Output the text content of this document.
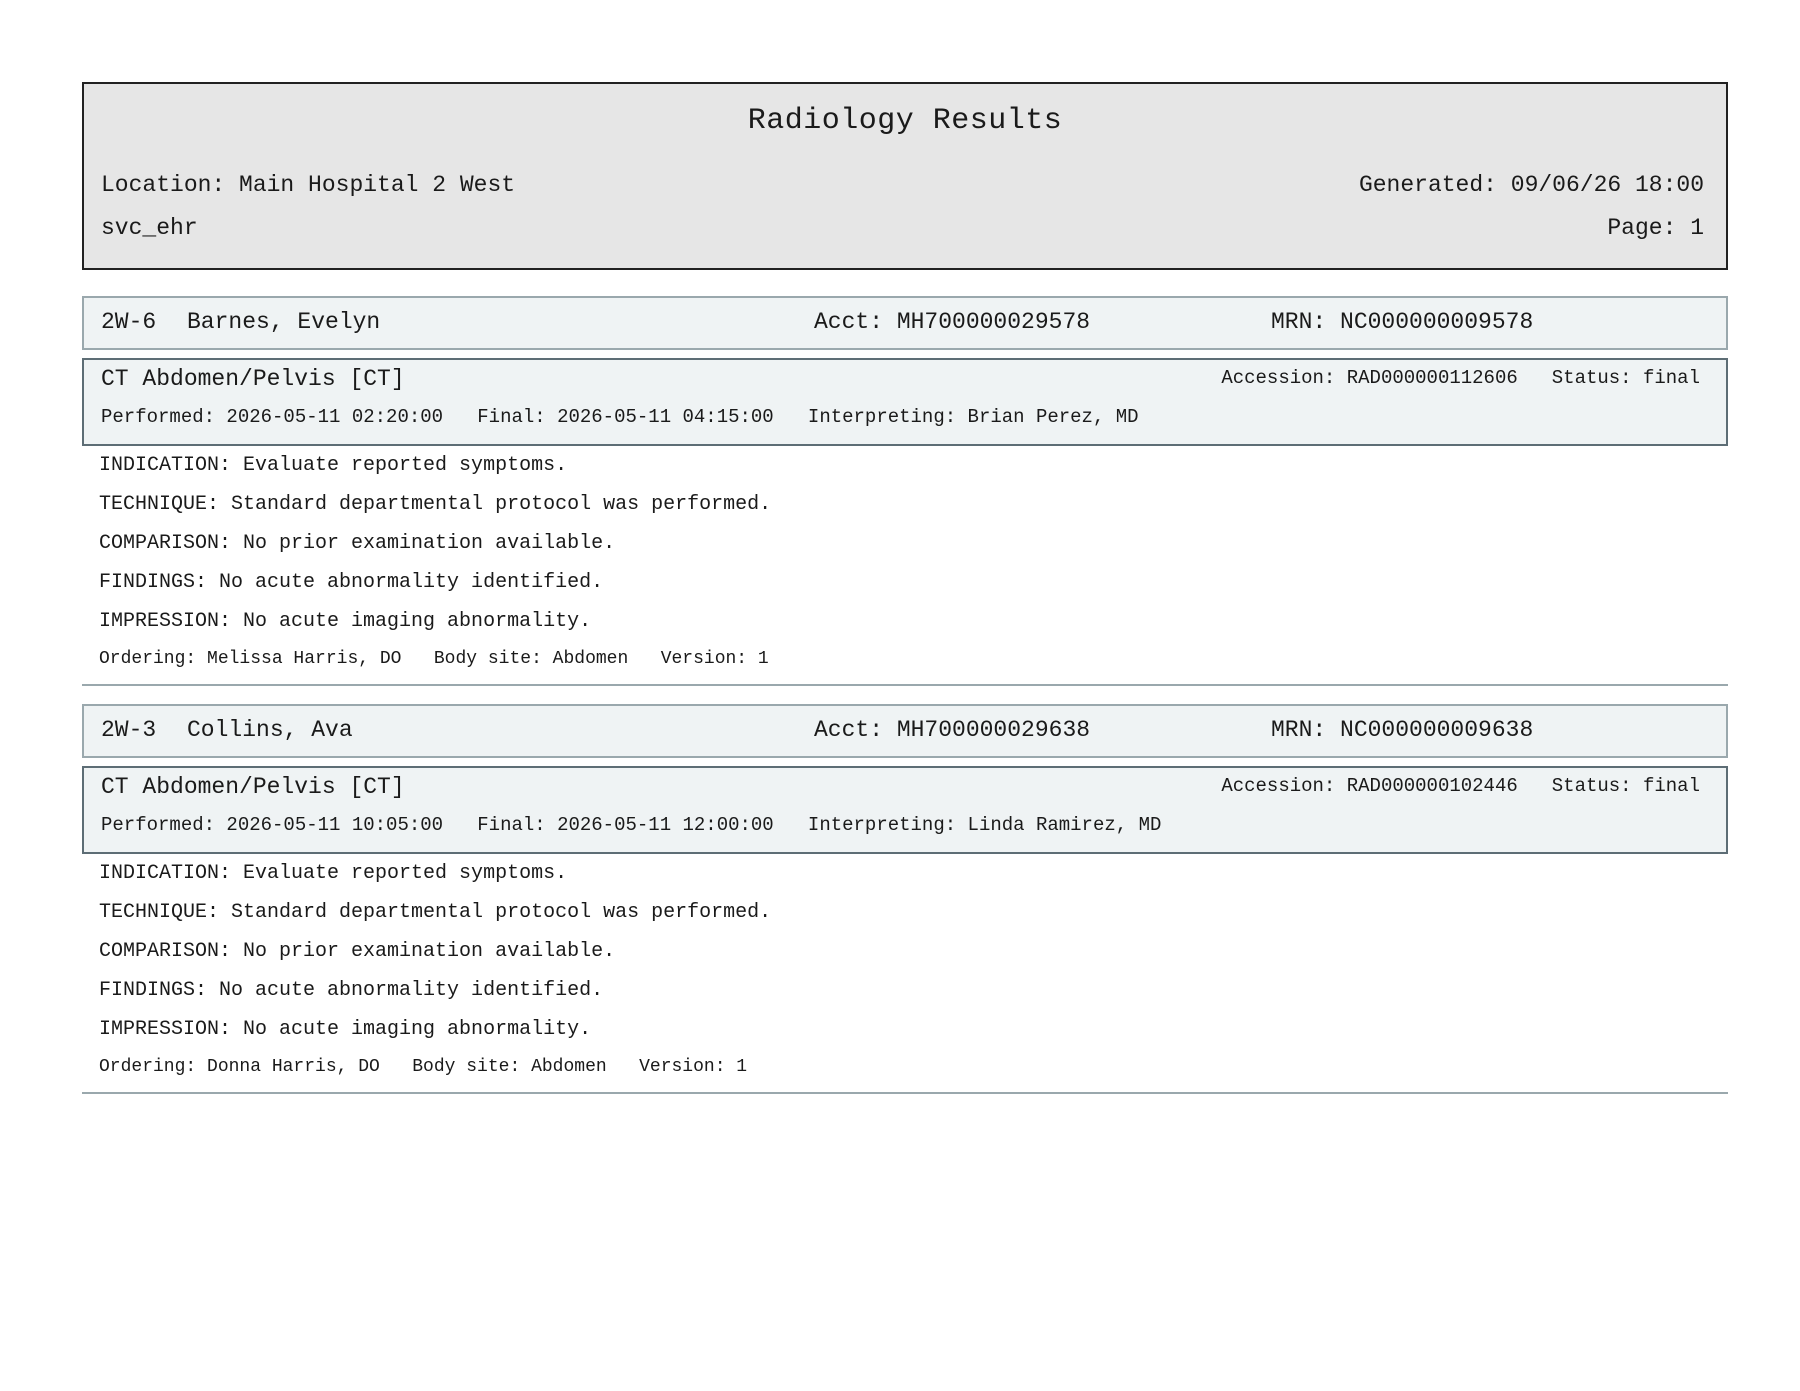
Radiology Results
Location: Main Hospital 2 West	Generated: 09/06/26 18:00
svc_ehr	Page: 1
2W-6 Barnes, Evelyn	Acct: MH700000029578	MRN: NC000000009578
CT Abdomen/Pelvis [CT]	Accession: RAD000000112606 Status: final
Performed: 2026-05-11 02:20:00   Final: 2026-05-11 04:15:00   Interpreting: Brian Perez, MD
INDICATION: Evaluate reported symptoms.
TECHNIQUE: Standard departmental protocol was performed.
COMPARISON: No prior examination available.
FINDINGS: No acute abnormality identified.
IMPRESSION: No acute imaging abnormality.
Ordering: Melissa Harris, DO   Body site: Abdomen   Version: 1
2W-3 Collins, Ava	Acct: MH700000029638	MRN: NC000000009638
CT Abdomen/Pelvis [CT]	Accession: RAD000000102446 Status: final
Performed: 2026-05-11 10:05:00   Final: 2026-05-11 12:00:00   Interpreting: Linda Ramirez, MD
INDICATION: Evaluate reported symptoms.
TECHNIQUE: Standard departmental protocol was performed.
COMPARISON: No prior examination available.
FINDINGS: No acute abnormality identified.
IMPRESSION: No acute imaging abnormality.
Ordering: Donna Harris, DO   Body site: Abdomen   Version: 1
